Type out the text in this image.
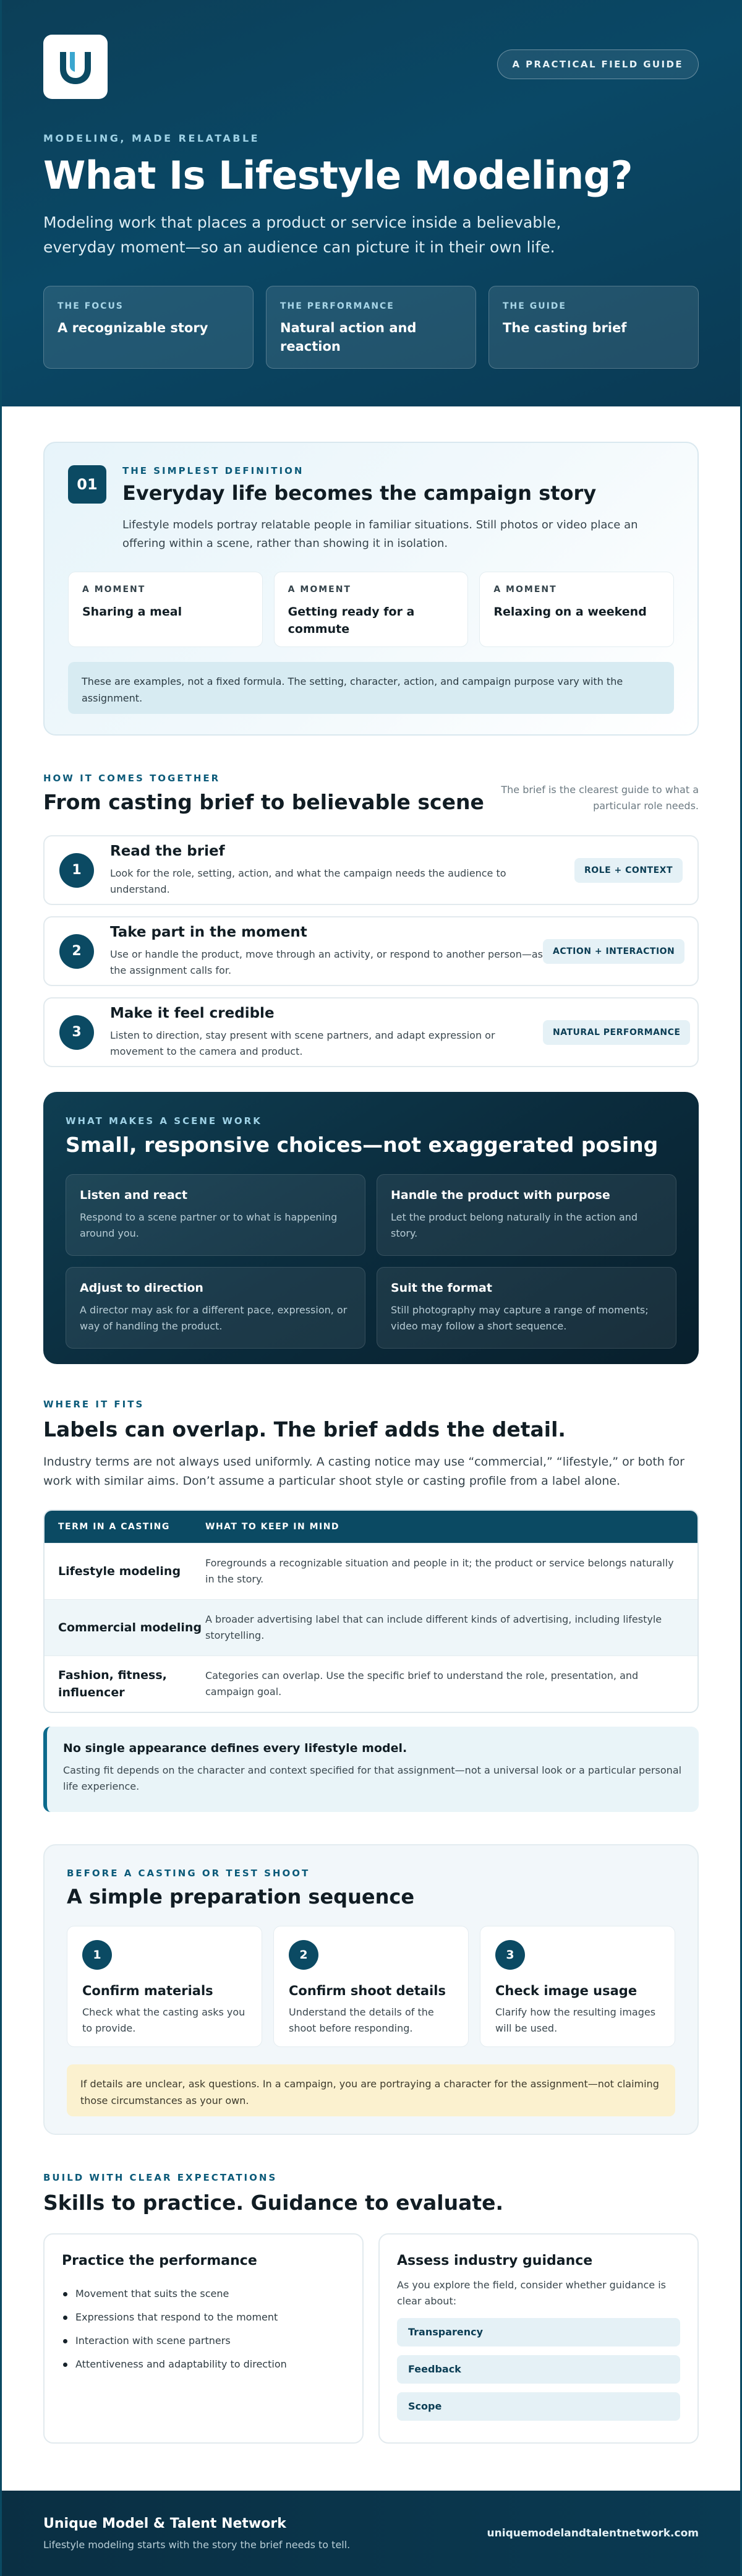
A PRACTICAL FIELD GUIDE
MODELING, MADE RELATABLE
What Is Lifestyle Modeling?

Modeling work that places a product or service inside a believable, everyday moment—so an audience can picture it in their own life.

THE FOCUS
A recognizable story
THE PERFORMANCE
Natural action and reaction
THE GUIDE
The casting brief
01
THE SIMPLEST DEFINITION
Everyday life becomes the campaign story

Lifestyle models portray relatable people in familiar situations. Still photos or video place an offering within a scene, rather than showing it in isolation.

A MOMENT
Sharing a meal
A MOMENT
Getting ready for a commute
A MOMENT
Relaxing on a weekend
These are examples, not a fixed formula. The setting, character, action, and campaign purpose vary with the assignment.
HOW IT COMES TOGETHER
From casting brief to believable scene
The brief is the clearest guide to what a particular role needs.
1
Read the brief
Look for the role, setting, action, and what the campaign needs the audience to understand.
ROLE + CONTEXT
2
Take part in the moment
Use or handle the product, move through an activity, or respond to another person—as the assignment calls for.
ACTION + INTERACTION
3
Make it feel credible
Listen to direction, stay present with scene partners, and adapt expression or movement to the camera and product.
NATURAL PERFORMANCE
WHAT MAKES A SCENE WORK
Small, responsive choices—not exaggerated posing
Listen and react
Respond to a scene partner or to what is happening around you.
Handle the product with purpose
Let the product belong naturally in the action and story.
Adjust to direction
A director may ask for a different pace, expression, or way of handling the product.
Suit the format
Still photography may capture a range of moments; video may follow a short sequence.
WHERE IT FITS
Labels can overlap. The brief adds the detail.

Industry terms are not always used uniformly. A casting notice may use “commercial,” “lifestyle,” or both for work with similar aims. Don’t assume a particular shoot style or casting profile from a label alone.

TERM IN A CASTING	WHAT TO KEEP IN MIND
Lifestyle modeling
Foregrounds a recognizable situation and people in it; the product or service belongs naturally in the story.
Commercial modeling
A broader advertising label that can include different kinds of advertising, including lifestyle storytelling.
Fashion, fitness, influencer
Categories can overlap. Use the specific brief to understand the role, presentation, and campaign goal.
No single appearance defines every lifestyle model.
Casting fit depends on the character and context specified for that assignment—not a universal look or a particular personal life experience.
BEFORE A CASTING OR TEST SHOOT
A simple preparation sequence
1
Confirm materials
Check what the casting asks you to provide.
2
Confirm shoot details
Understand the details of the shoot before responding.
3
Check image usage
Clarify how the resulting images will be used.
If details are unclear, ask questions. In a campaign, you are portraying a character for the assignment—not claiming those circumstances as your own.
BUILD WITH CLEAR EXPECTATIONS
Skills to practice. Guidance to evaluate.
Practice the performance
Movement that suits the scene
Expressions that respond to the moment
Interaction with scene partners
Attentiveness and adaptability to direction
Assess industry guidance
As you explore the field, consider whether guidance is clear about:
Transparency
Feedback
Scope
Unique Model & Talent Network
Lifestyle modeling starts with the story the brief needs to tell.
uniquemodelandtalentnetwork.com
